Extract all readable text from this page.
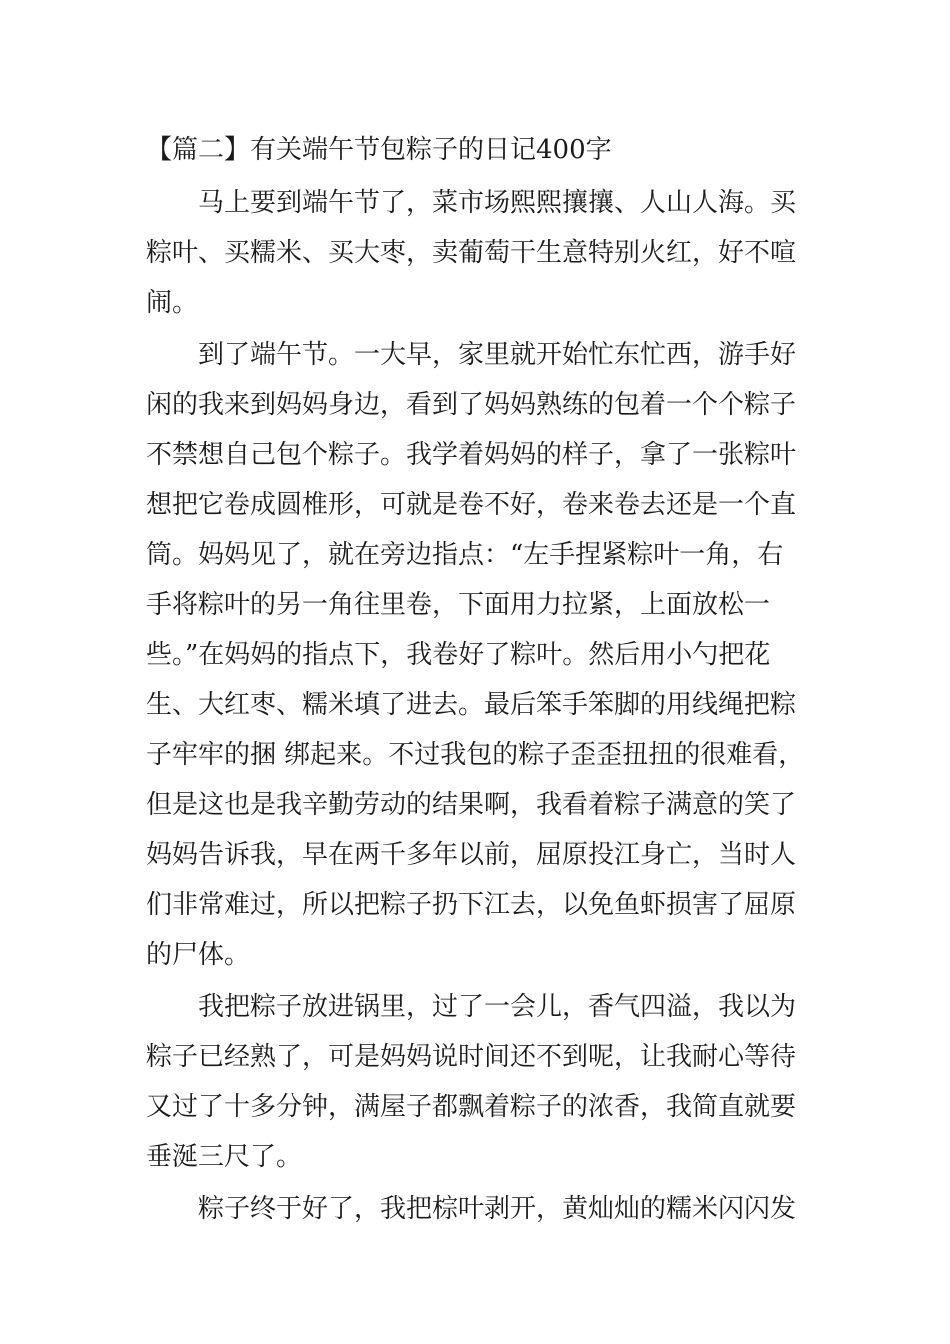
【篇二】有关端午节包粽子的日记400字
马上要到端午节了，菜市场熙熙攘攘、人山人海。买
粽叶、买糯米、买大枣，卖葡萄干生意特别火红，好不喧
闹。
到了端午节。一大早，家里就开始忙东忙西，游手好
闲的我来到妈妈身边，看到了妈妈熟练的包着一个个粽子
不禁想自己包个粽子。我学着妈妈的样子，拿了一张粽叶
想把它卷成圆椎形，可就是卷不好，卷来卷去还是一个直
筒。妈妈见了，就在旁边指点：“左手捏紧粽叶一角，右
手将粽叶的另一角往里卷，下面用力拉紧，上面放松一
些。”在妈妈的指点下，我卷好了粽叶。然后用小勺把花
生、大红枣、糯米填了进去。最后笨手笨脚的用线绳把粽
子牢牢的捆 绑起来。不过我包的粽子歪歪扭扭的很难看，
但是这也是我辛勤劳动的结果啊，我看着粽子满意的笑了
妈妈告诉我，早在两千多年以前，屈原投江身亡，当时人
们非常难过，所以把粽子扔下江去，以免鱼虾损害了屈原
的尸体。
我把粽子放进锅里，过了一会儿，香气四溢，我以为
粽子已经熟了，可是妈妈说时间还不到呢，让我耐心等待
又过了十多分钟，满屋子都飘着粽子的浓香，我简直就要
垂涎三尺了。
粽子终于好了，我把棕叶剥开，黄灿灿的糯米闪闪发
